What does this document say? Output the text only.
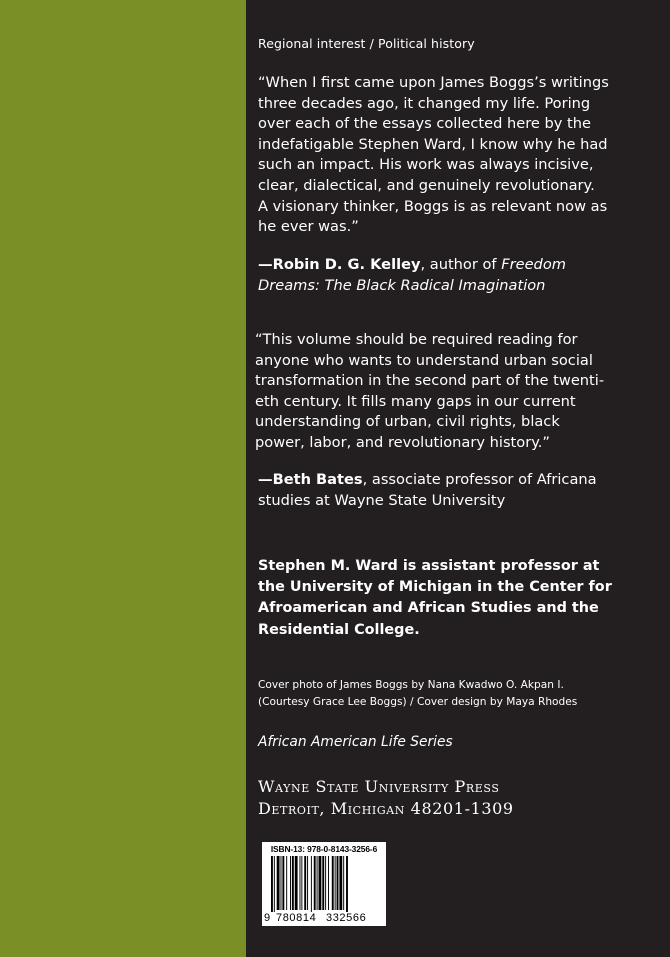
Regional interest / Political history
“When I first came upon James Boggs’s writings
three decades ago, it changed my life. Poring
over each of the essays collected here by the
indefatigable Stephen Ward, I know why he had
such an impact. His work was always incisive,
clear, dialectical, and genuinely revolutionary.
A visionary thinker, Boggs is as relevant now as
he ever was.”
—Robin D. G. Kelley, author of Freedom
Dreams: The Black Radical Imagination
“This volume should be required reading for
anyone who wants to understand urban social
transformation in the second part of the twenti-
eth century. It fills many gaps in our current
understanding of urban, civil rights, black
power, labor, and revolutionary history.”
—Beth Bates, associate professor of Africana
studies at Wayne State University
Stephen M. Ward is assistant professor at
the University of Michigan in the Center for
Afroamerican and African Studies and the
Residential College.
Cover photo of James Boggs by Nana Kwadwo O. Akpan I.
(Courtesy Grace Lee Boggs) / Cover design by Maya Rhodes
African American Life Series
Wayne State University Press
Detroit, Michigan 48201-1309
ISBN-13: 978-0-8143-3256-6
9 780814 332566
